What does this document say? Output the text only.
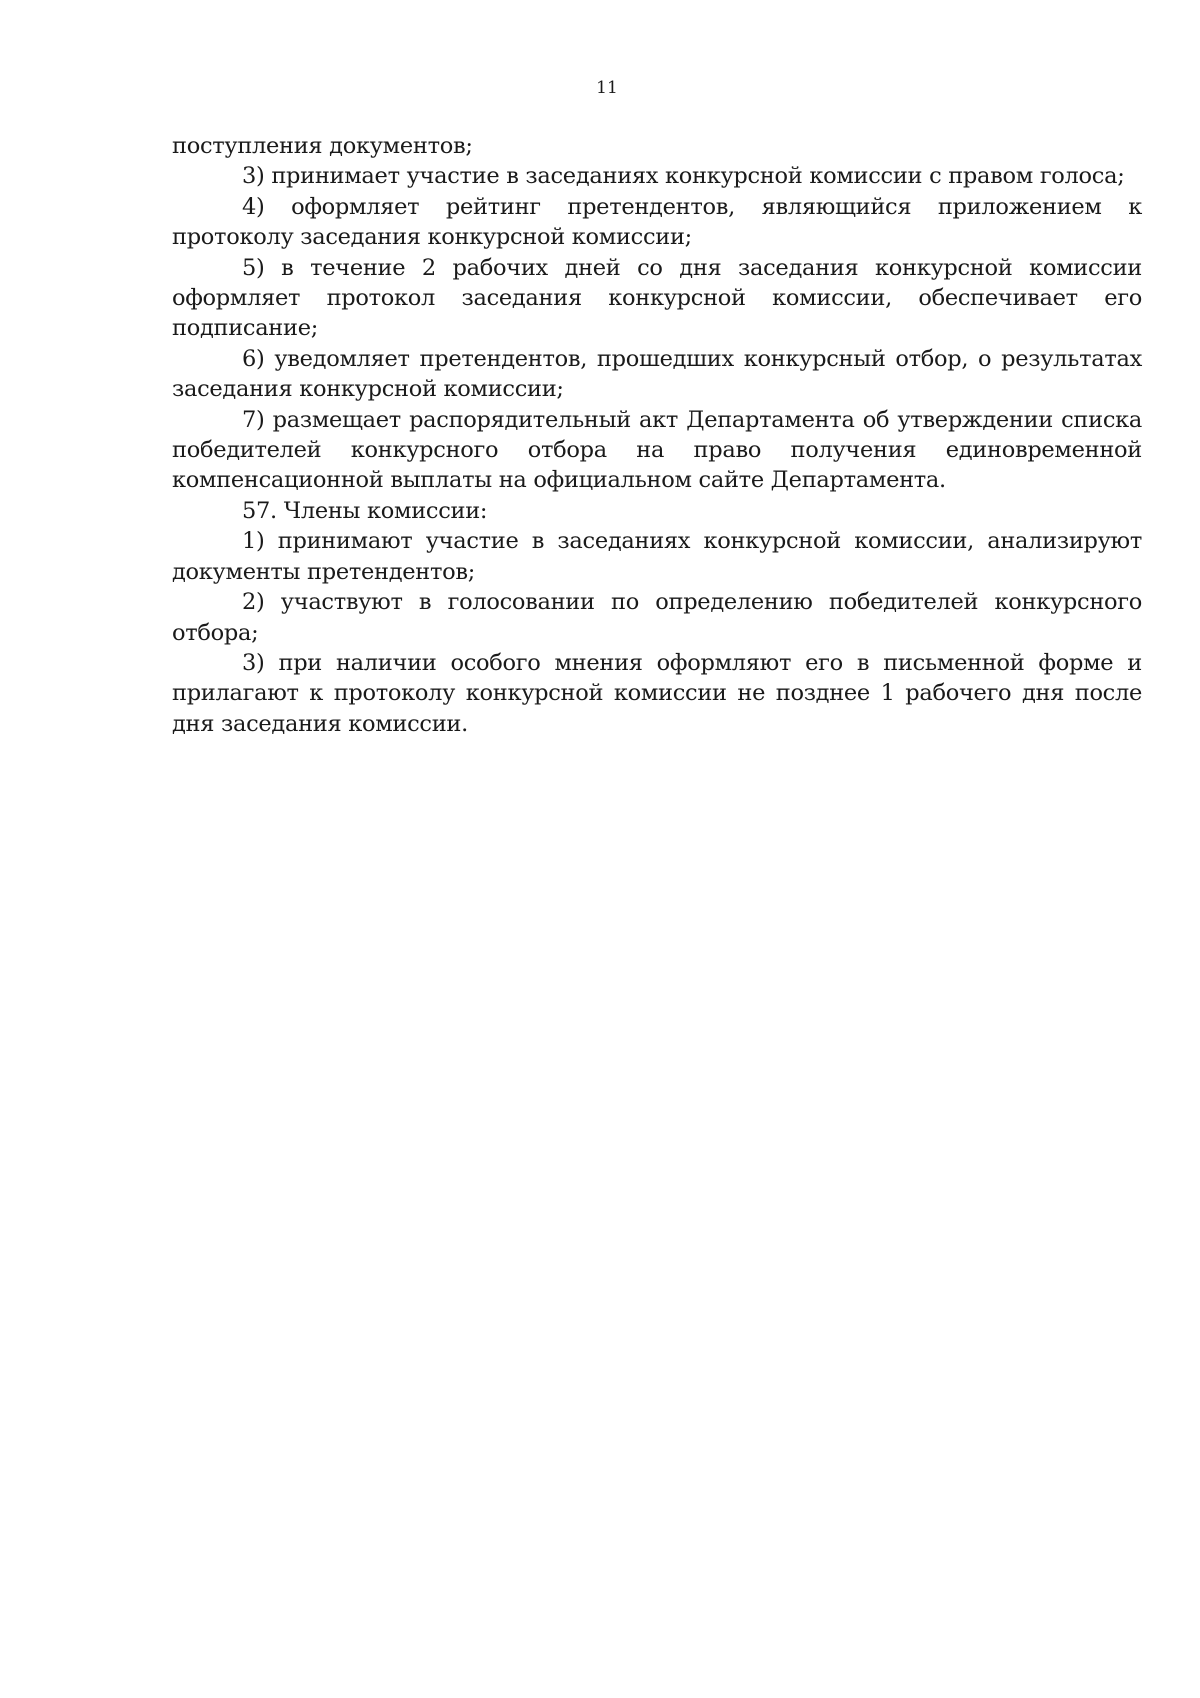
11

поступления документов;

3) принимает участие в заседаниях конкурсной комиссии с правом голоса;

4) оформляет рейтинг претендентов, являющийся приложением к протоколу заседания конкурсной комиссии;

5) в течение 2 рабочих дней со дня заседания конкурсной комиссии оформляет протокол заседания конкурсной комиссии, обеспечивает его подписание;

6) уведомляет претендентов, прошедших конкурсный отбор, о результатах заседания конкурсной комиссии;

7) размещает распорядительный акт Департамента об утверждении списка победителей конкурсного отбора на право получения единовременной компенсационной выплаты на официальном сайте Департамента.

57. Члены комиссии:

1) принимают участие в заседаниях конкурсной комиссии, анализируют документы претендентов;

2) участвуют в голосовании по определению победителей конкурсного отбора;

3) при наличии особого мнения оформляют его в письменной форме и прилагают к протоколу конкурсной комиссии не позднее 1 рабочего дня после дня заседания комиссии.
